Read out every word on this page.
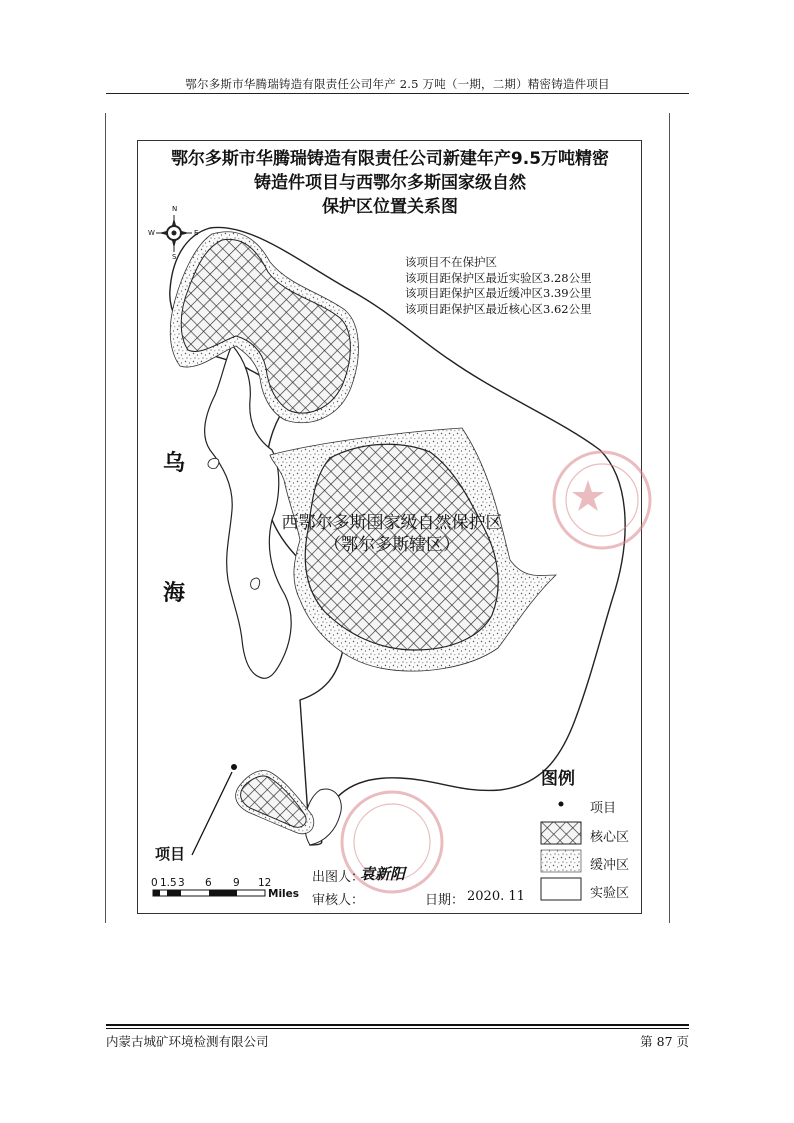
鄂尔多斯市华腾瑞铸造有限责任公司年产 2.5 万吨（一期，二期）精密铸造件项目
鄂尔多斯市华腾瑞铸造有限责任公司新建年产9.5万吨精密
铸造件项目与西鄂尔多斯国家级自然
保护区位置关系图
N
S
E
W
该项目不在保护区
该项目距保护区最近实验区3.28公里
该项目距保护区最近缓冲区3.39公里
该项目距保护区最近核心区3.62公里
乌
海
西鄂尔多斯国家级自然保护区
（鄂尔多斯辖区）
项目
图例
项目
核心区
缓冲区
实验区
0 1.5 3 6 9 12
Miles
出图人：
袁新阳
审核人：	日期： 2020. 11
内蒙古城矿环境检测有限公司	第 87 页
